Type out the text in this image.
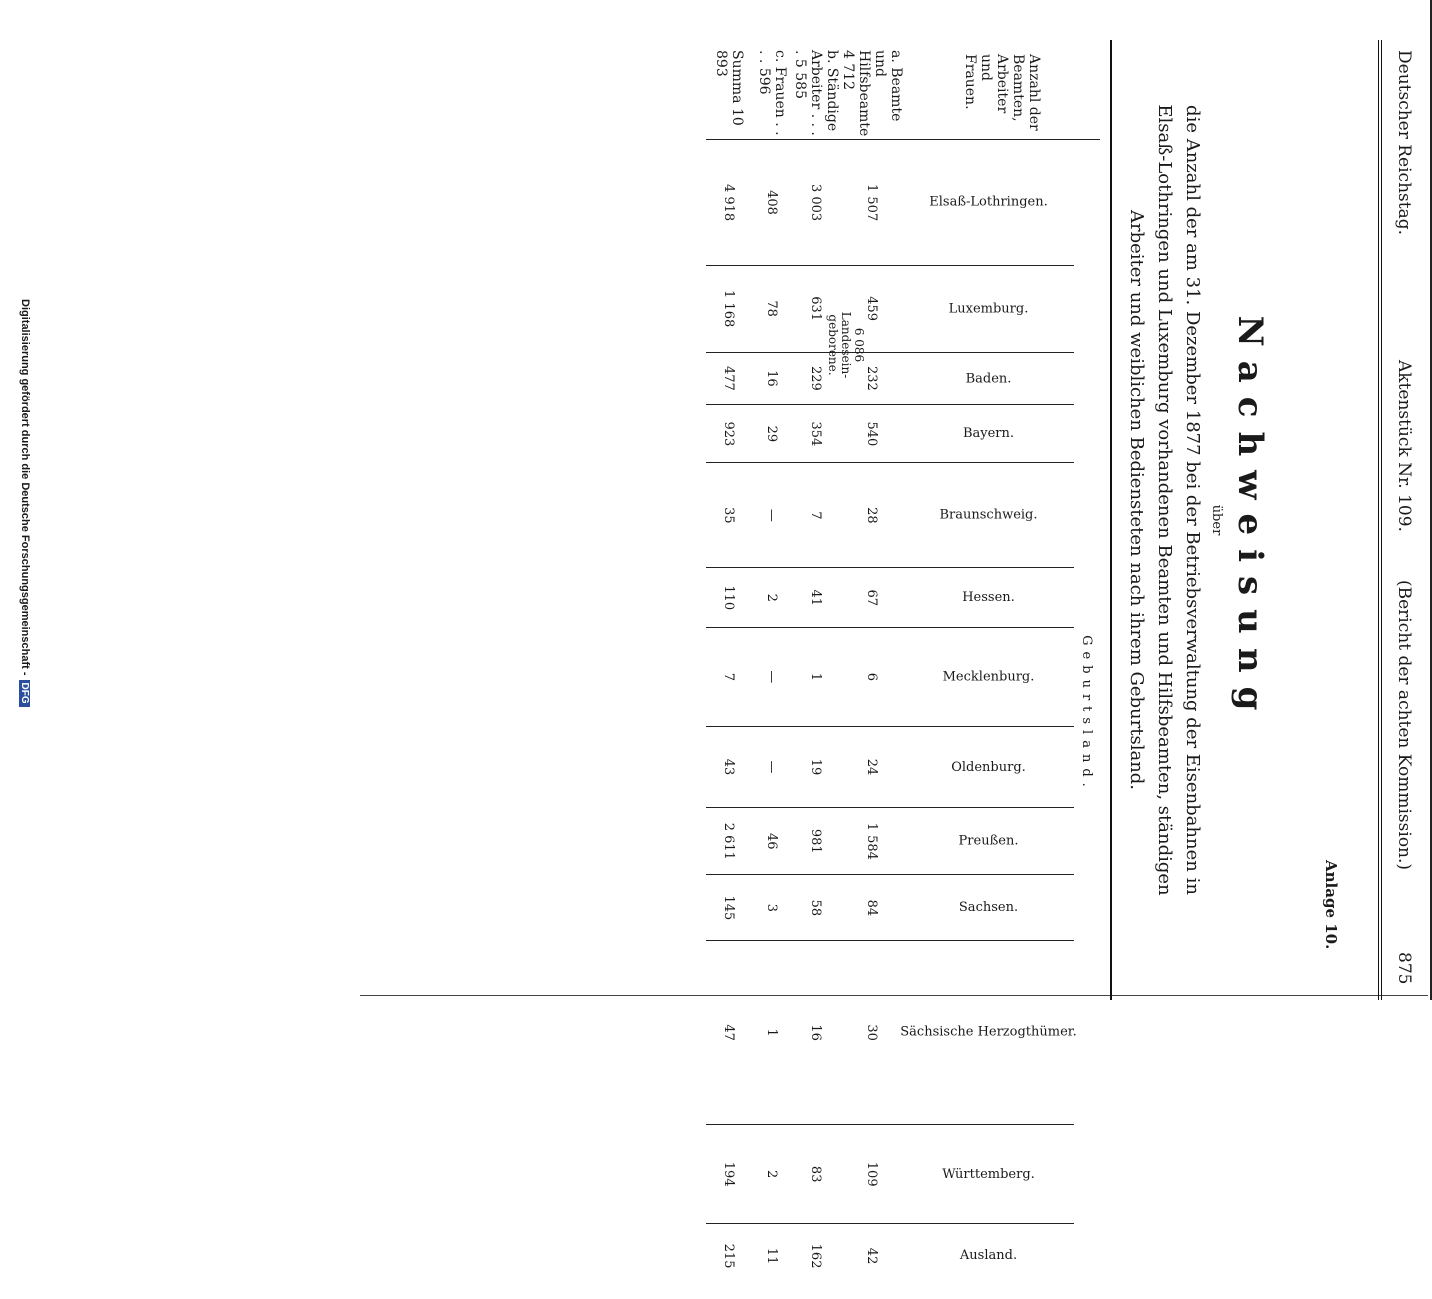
Digitalisierung gefördert durch die Deutsche Forschungsgemeinschaft -DFG
Deutscher Reichstag.
Aktenstück Nr. 109.
(Bericht der achten Kommission.)
875
Anlage 10.
Nachweisung
über
die Anzahl der am 31. Dezember 1877 bei der Betriebsverwaltung der Eisenbahnen in Elsaß-Lothringen und Luxemburg vorhandenen Beamten und Hilfsbeamten, ständigen Arbeiter und weiblichen Bediensteten nach ihrem Geburtsland.
Anzahl der Beamten, Arbeiter und Frauen.	Geburtsland.												
	Elsaß-Lothringen.	Luxemburg.	Baden.	Bayern.	Braunschweig.	Hessen.	Mecklenburg.	Oldenburg.	Preußen.	Sachsen.	Sächsische Herzogthümer.	Württemberg.	Ausland.
a. Beamte und Hilfsbeamte 4 712	1 507	459	232	540	28	67	6	24	1 584	84	30	109	42
b. Ständige Arbeiter . . . . 5 585	3 003	631	229	354	7	41	1	19	981	58	16	83	162
c. Frauen . . . . 596	408	78	16	29	—	2	—	—	46	3	1	2	11
Summa 10 893	4 918	1 168	477	923	35	110	7	43	2 611	145	47	194	215
6 086
Landesein-geborene.
